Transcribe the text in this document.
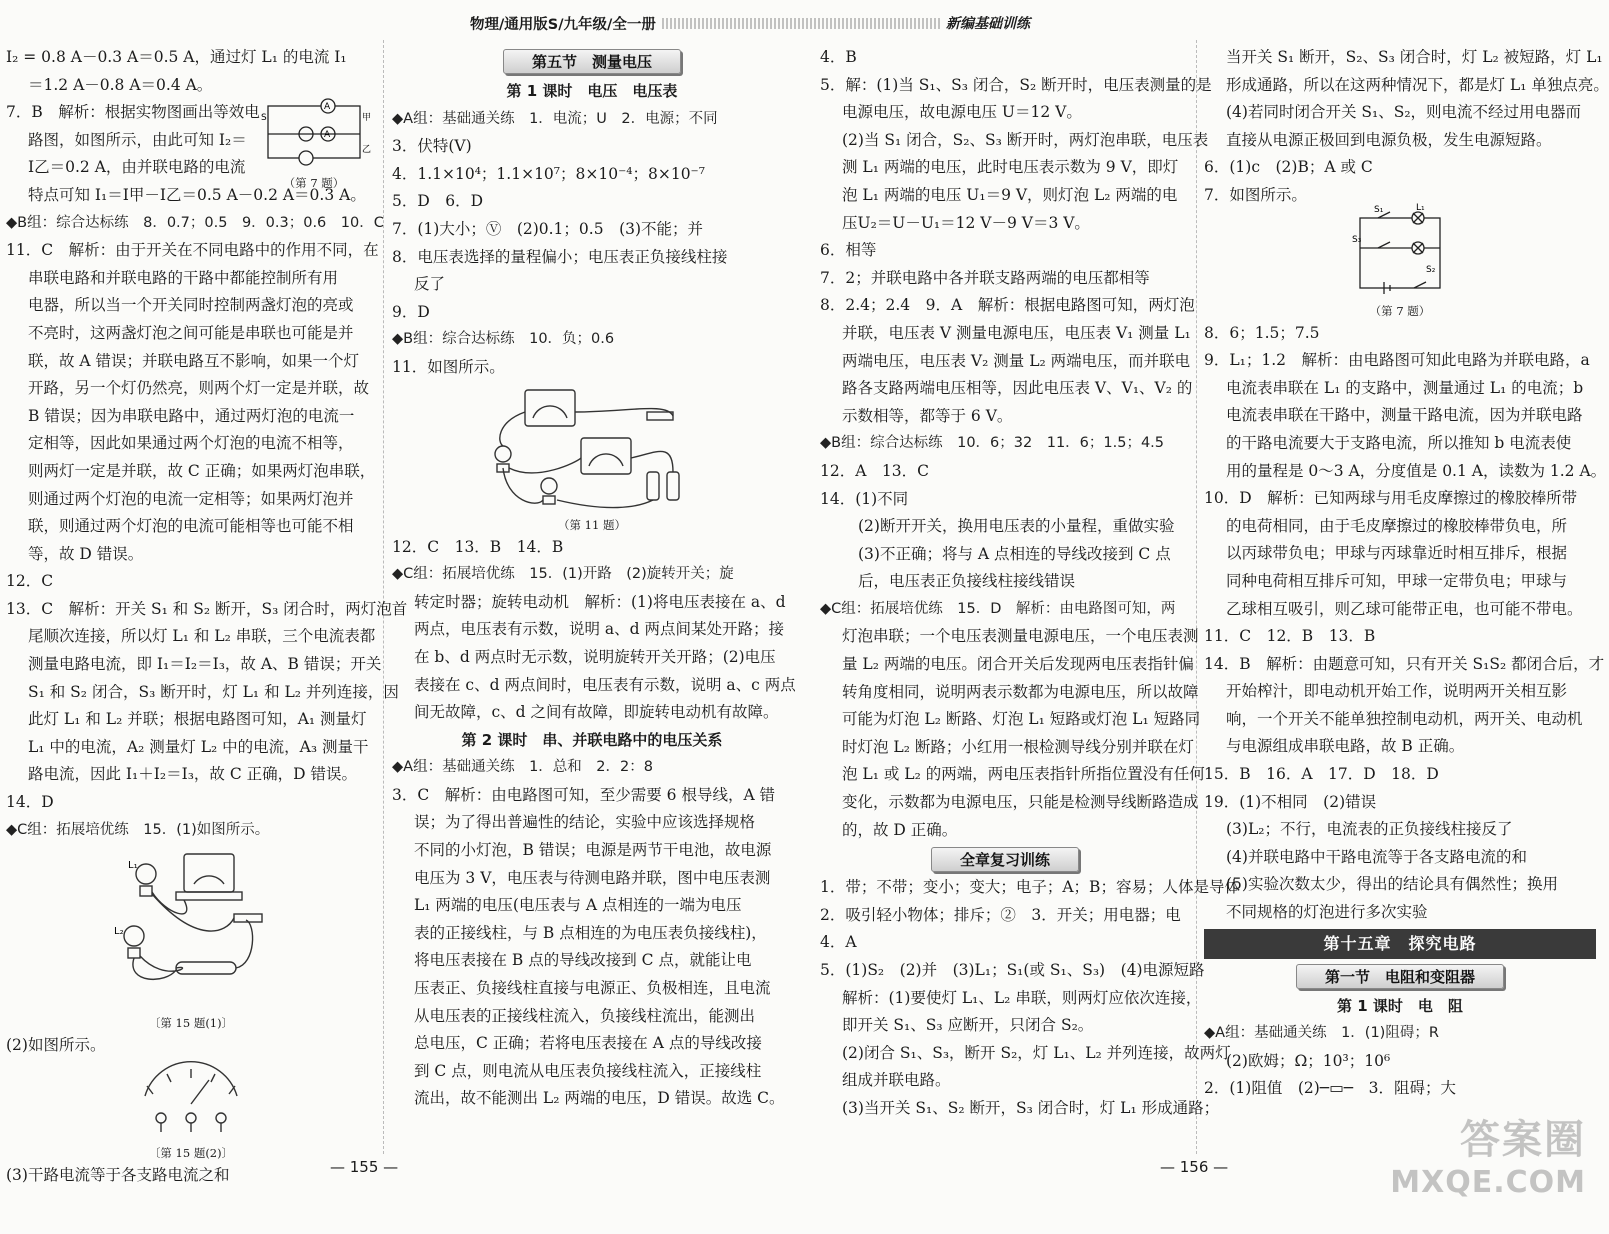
物理/通用版S/九年级/全一册	新编基础训练
I₂ = 0.8 A－0.3 A＝0.5 A，通过灯 L₁ 的电流 I₁
＝1.2 A－0.8 A＝0.4 A。
7．B　解析：根据实物图画出等效电
路图，如图所示，由此可知 I₂＝
I乙＝0.2 A，由并联电路的电流
特点可知 I₁＝I甲－I乙＝0.5 A－0.2 A＝0.3 A。
◆B组：综合达标练　8．0.7；0.5　9．0.3；0.6　10．C
11．C　解析：由于开关在不同电路中的作用不同，在
串联电路和并联电路的干路中都能控制所有用
电器，所以当一个开关同时控制两盏灯泡的亮或
不亮时，这两盏灯泡之间可能是串联也可能是并
联，故 A 错误；并联电路互不影响，如果一个灯
开路，另一个灯仍然亮，则两个灯一定是并联，故
B 错误；因为串联电路中，通过两灯泡的电流一
定相等，因此如果通过两个灯泡的电流不相等，
则两灯一定是并联，故 C 正确；如果两灯泡串联，
则通过两个灯泡的电流一定相等；如果两灯泡并
联，则通过两个灯泡的电流可能相等也可能不相
等，故 D 错误。
12．C
13．C　解析：开关 S₁ 和 S₂ 断开，S₃ 闭合时，两灯泡首
尾顺次连接，所以灯 L₁ 和 L₂ 串联，三个电流表都
测量电路电流，即 I₁＝I₂＝I₃，故 A、B 错误；开关
S₁ 和 S₂ 闭合，S₃ 断开时，灯 L₁ 和 L₂ 并列连接，因
此灯 L₁ 和 L₂ 并联；根据电路图可知，A₁ 测量灯
L₁ 中的电流，A₂ 测量灯 L₂ 中的电流，A₃ 测量干
路电流，因此 I₁＋I₂＝I₃，故 C 正确，D 错误。
14．D
◆C组：拓展培优练　15．(1)如图所示。
L₁
L₂
〔第 15 题(1)〕
(2)如图所示。
〔第 15 题(2)〕
(3)干路电流等于各支路电流之和
A
A
S	甲
乙
（第 7 题）
第五节　测量电压
第 1 课时　电压　电压表
◆A组：基础通关练　1．电流；U　2．电源；不同
3．伏特(V)
4．1.1×10⁴；1.1×10⁷；8×10⁻⁴；8×10⁻⁷
5．D　6．D
7．(1)大小；Ⓥ　(2)0.1；0.5　(3)不能；并
8．电压表选择的量程偏小；电压表正负接线柱接
反了
9．D
◆B组：综合达标练　10．负；0.6
11．如图所示。
（第 11 题）
12．C　13．B　14．B
◆C组：拓展培优练　15．(1)开路　(2)旋转开关；旋
转定时器；旋转电动机　解析：(1)将电压表接在 a、d
两点，电压表有示数，说明 a、d 两点间某处开路；接
在 b、d 两点时无示数，说明旋转开关开路；(2)电压
表接在 c、d 两点间时，电压表有示数，说明 a、c 两点
间无故障，c、d 之间有故障，即旋转电动机有故障。
第 2 课时　串、并联电路中的电压关系
◆A组：基础通关练　1．总和　2．2：8
3．C　解析：由电路图可知，至少需要 6 根导线，A 错
误；为了得出普遍性的结论，实验中应该选择规格
不同的小灯泡，B 错误；电源是两节干电池，故电源
电压为 3 V，电压表与待测电路并联，图中电压表测
L₁ 两端的电压(电压表与 A 点相连的一端为电压
表的正接线柱，与 B 点相连的为电压表负接线柱)，
将电压表接在 B 点的导线改接到 C 点，就能让电
压表正、负接线柱直接与电源正、负极相连，且电流
从电压表的正接线柱流入，负接线柱流出，能测出
总电压，C 正确；若将电压表接在 A 点的导线改接
到 C 点，则电流从电压表负接线柱流入，正接线柱
流出，故不能测出 L₂ 两端的电压，D 错误。故选 C。
4．B
5．解：(1)当 S₁、S₃ 闭合，S₂ 断开时，电压表测量的是
电源电压，故电源电压 U＝12 V。
(2)当 S₁ 闭合，S₂、S₃ 断开时，两灯泡串联，电压表
测 L₁ 两端的电压，此时电压表示数为 9 V，即灯
泡 L₁ 两端的电压 U₁＝9 V，则灯泡 L₂ 两端的电
压U₂＝U－U₁＝12 V－9 V＝3 V。
6．相等
7．2；并联电路中各并联支路两端的电压都相等
8．2.4；2.4　9．A　解析：根据电路图可知，两灯泡
并联，电压表 V 测量电源电压，电压表 V₁ 测量 L₁
两端电压，电压表 V₂ 测量 L₂ 两端电压，而并联电
路各支路两端电压相等，因此电压表 V、V₁、V₂ 的
示数相等，都等于 6 V。
◆B组：综合达标练　10．6；32　11．6；1.5；4.5
12．A　13．C
14．(1)不同
(2)断开开关，换用电压表的小量程，重做实验
(3)不正确；将与 A 点相连的导线改接到 C 点
后，电压表正负接线柱接线错误
◆C组：拓展培优练　15．D　解析：由电路图可知，两
灯泡串联；一个电压表测量电源电压，一个电压表测
量 L₂ 两端的电压。闭合开关后发现两电压表指针偏
转角度相同，说明两表示数都为电源电压，所以故障
可能为灯泡 L₂ 断路、灯泡 L₁ 短路或灯泡 L₁ 短路同
时灯泡 L₂ 断路；小红用一根检测导线分别并联在灯
泡 L₁ 或 L₂ 的两端，两电压表指针所指位置没有任何
变化，示数都为电源电压，只能是检测导线断路造成
的，故 D 正确。
全章复习训练
1．带；不带；变小；变大；电子；A；B；容易；人体是导体
2．吸引轻小物体；排斥；②　3．开关；用电器；电
4．A
5．(1)S₂　(2)并　(3)L₁；S₁(或 S₁、S₃)　(4)电源短路
解析：(1)要使灯 L₁、L₂ 串联，则两灯应依次连接，
即开关 S₁、S₃ 应断开，只闭合 S₂。
(2)闭合 S₁、S₃，断开 S₂，灯 L₁、L₂ 并列连接，故两灯
组成并联电路。
(3)当开关 S₁、S₂ 断开，S₃ 闭合时，灯 L₁ 形成通路；
当开关 S₁ 断开，S₂、S₃ 闭合时，灯 L₂ 被短路，灯 L₁
形成通路，所以在这两种情况下，都是灯 L₁ 单独点亮。
(4)若同时闭合开关 S₁、S₂，则电流不经过用电器而
直接从电源正极回到电源负极，发生电源短路。
6．(1)c　(2)B；A 或 C
7．如图所示。
S₁
S₃
L₁
S₂
（第 7 题）
8．6；1.5；7.5
9．L₁；1.2　解析：由电路图可知此电路为并联电路，a
电流表串联在 L₁ 的支路中，测量通过 L₁ 的电流；b
电流表串联在干路中，测量干路电流，因为并联电路
的干路电流要大于支路电流，所以推知 b 电流表使
用的量程是 0～3 A，分度值是 0.1 A，读数为 1.2 A。
10．D　解析：已知两球与用毛皮摩擦过的橡胶棒所带
的电荷相同，由于毛皮摩擦过的橡胶棒带负电，所
以丙球带负电；甲球与丙球靠近时相互排斥，根据
同种电荷相互排斥可知，甲球一定带负电；甲球与
乙球相互吸引，则乙球可能带正电，也可能不带电。
11．C　12．B　13．B
14．B　解析：由题意可知，只有开关 S₁S₂ 都闭合后，才
开始榨汁，即电动机开始工作，说明两开关相互影
响，一个开关不能单独控制电动机，两开关、电动机
与电源组成串联电路，故 B 正确。
15．B　16．A　17．D　18．D
19．(1)不相同　(2)错误
(3)L₂；不行，电流表的正负接线柱接反了
(4)并联电路中干路电流等于各支路电流的和
(5)实验次数太少，得出的结论具有偶然性；换用
不同规格的灯泡进行多次实验
第十五章　探究电路
第一节　电阻和变阻器
第 1 课时　电　阻
◆A组：基础通关练　1．(1)阻碍；R
(2)欧姆；Ω；10³；10⁶
2．(1)阻值　(2)─▭─　3．阻碍；大
— 155 —	— 156 —
答案圈
MXQE.COM
